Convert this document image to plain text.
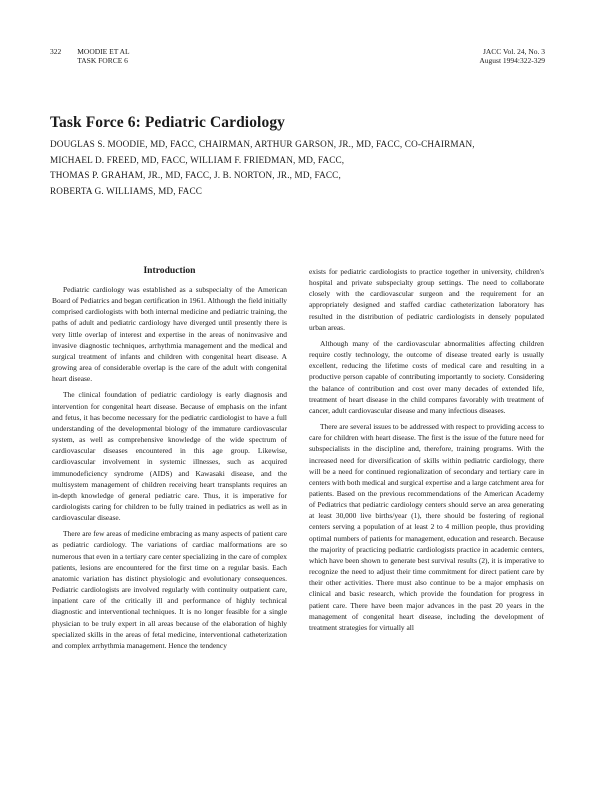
322 MOODIE ET AL
TASK FORCE 6
JACC Vol. 24, No. 3
August 1994:322-329
Task Force 6: Pediatric Cardiology
DOUGLAS S. MOODIE, MD, FACC, CHAIRMAN, ARTHUR GARSON, JR., MD, FACC, CO-CHAIRMAN,
MICHAEL D. FREED, MD, FACC, WILLIAM F. FRIEDMAN, MD, FACC,
THOMAS P. GRAHAM, JR., MD, FACC, J. B. NORTON, JR., MD, FACC,
ROBERTA G. WILLIAMS, MD, FACC
Introduction

Pediatric cardiology was established as a subspecialty of the American Board of Pediatrics and began certification in 1961. Although the field initially comprised cardiologists with both internal medicine and pediatric training, the paths of adult and pediatric cardiology have diverged until presently there is very little overlap of interest and expertise in the areas of noninvasive and invasive diagnostic techniques, arrhythmia management and the medical and surgical treatment of infants and children with congenital heart disease. A growing area of considerable overlap is the care of the adult with congenital heart disease.

The clinical foundation of pediatric cardiology is early diagnosis and intervention for congenital heart disease. Because of emphasis on the infant and fetus, it has become necessary for the pediatric cardiologist to have a full understanding of the developmental biology of the immature cardiovascular system, as well as comprehensive knowledge of the wide spectrum of cardiovascular diseases encountered in this age group. Likewise, cardiovascular involvement in systemic illnesses, such as acquired immunodeficiency syndrome (AIDS) and Kawasaki disease, and the multisystem management of children receiving heart transplants requires an in-depth knowledge of general pediatric care. Thus, it is imperative for cardiologists caring for children to be fully trained in pediatrics as well as in cardiovascular disease.

There are few areas of medicine embracing as many aspects of patient care as pediatric cardiology. The variations of cardiac malformations are so numerous that even in a tertiary care center specializing in the care of complex patients, lesions are encountered for the first time on a regular basis. Each anatomic variation has distinct physiologic and evolutionary consequences. Pediatric cardiologists are involved regularly with continuity outpatient care, inpatient care of the critically ill and performance of highly technical diagnostic and interventional techniques. It is no longer feasible for a single physician to be truly expert in all areas because of the elaboration of highly specialized skills in the areas of fetal medicine, interventional catheterization and complex arrhythmia management. Hence the tendency

exists for pediatric cardiologists to practice together in university, children's hospital and private subspecialty group settings. The need to collaborate closely with the cardiovascular surgeon and the requirement for an appropriately designed and staffed cardiac catheterization laboratory has resulted in the distribution of pediatric cardiologists in densely populated urban areas.

Although many of the cardiovascular abnormalities affecting children require costly technology, the outcome of disease treated early is usually excellent, reducing the lifetime costs of medical care and resulting in a productive person capable of contributing importantly to society. Considering the balance of contribution and cost over many decades of extended life, treatment of heart disease in the child compares favorably with treatment of cancer, adult cardiovascular disease and many infectious diseases.

There are several issues to be addressed with respect to providing access to care for children with heart disease. The first is the issue of the future need for subspecialists in the discipline and, therefore, training programs. With the increased need for diversification of skills within pediatric cardiology, there will be a need for continued regionalization of secondary and tertiary care in centers with both medical and surgical expertise and a large catchment area for patients. Based on the previous recommendations of the American Academy of Pediatrics that pediatric cardiology centers should serve an area generating at least 30,000 live births/year (1), there should be fostering of regional centers serving a population of at least 2 to 4 million people, thus providing optimal numbers of patients for management, education and research. Because the majority of practicing pediatric cardiologists practice in academic centers, which have been shown to generate best survival results (2), it is imperative to recognize the need to adjust their time commitment for direct patient care by their other activities. There must also continue to be a major emphasis on clinical and basic research, which provide the foundation for progress in patient care. There have been major advances in the past 20 years in the management of congenital heart disease, including the development of treatment strategies for virtually all
